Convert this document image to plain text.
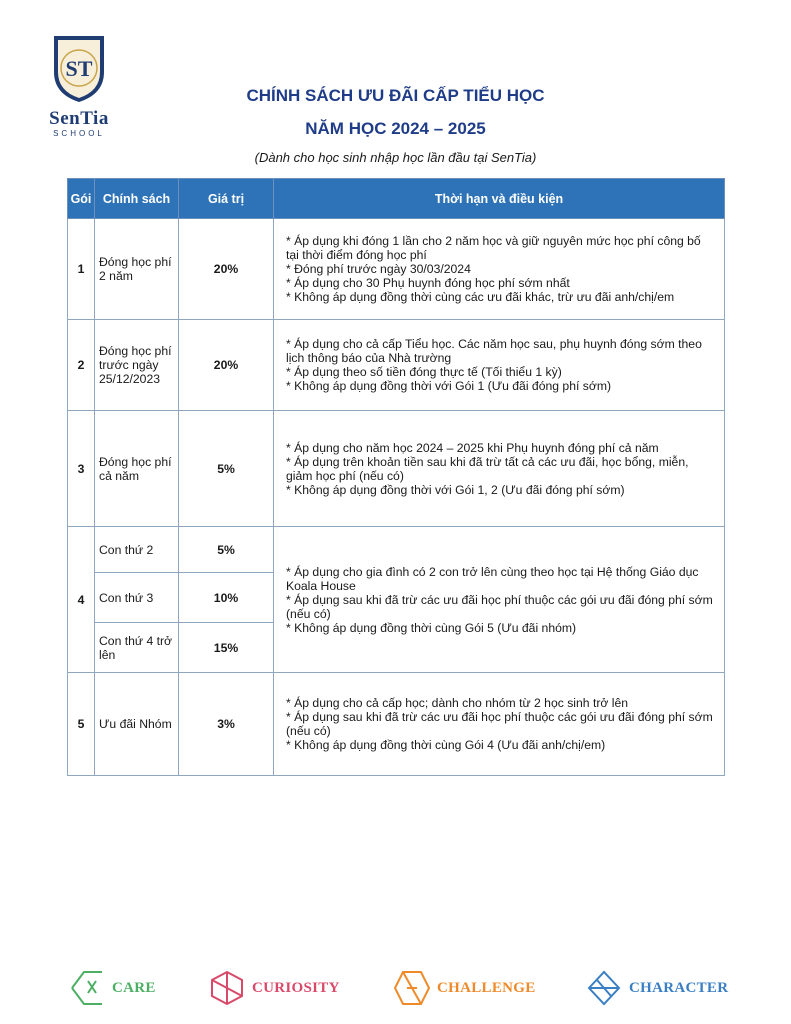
ST
SenTia
SCHOOL
CHÍNH SÁCH ƯU ĐÃI CẤP TIỂU HỌC
NĂM HỌC 2024 – 2025
(Dành cho học sinh nhập học lần đầu tại SenTia)
Gói	Chính sách	Giá trị	Thời hạn và điều kiện
1	Đóng học phí 2 năm	20%	* Áp dụng khi đóng 1 lần cho 2 năm học và giữ nguyên mức học phí công bố tại thời điểm đóng học phí
* Đóng phí trước ngày 30/03/2024
* Áp dụng cho 30 Phụ huynh đóng học phí sớm nhất
* Không áp dụng đồng thời cùng các ưu đãi khác, trừ ưu đãi anh/chị/em

2	Đóng học phí trước ngày 25/12/2023	20%	* Áp dụng cho cả cấp Tiểu học. Các năm học sau, phụ huynh đóng sớm theo lịch thông báo của Nhà trường
* Áp dụng theo số tiền đóng thực tế (Tối thiểu 1 kỳ)
* Không áp dụng đồng thời với Gói 1 (Ưu đãi đóng phí sớm)

3	Đóng học phí cả năm	5%	* Áp dụng cho năm học 2024 – 2025 khi Phụ huynh đóng phí cả năm
* Áp dụng trên khoản tiền sau khi đã trừ tất cả các ưu đãi, học bổng, miễn, giảm học phí (nếu có)
* Không áp dụng đồng thời với Gói 1, 2 (Ưu đãi đóng phí sớm)

4	Con thứ 2	5%	* Áp dụng cho gia đình có 2 con trở lên cùng theo học tại Hệ thống Giáo dục Koala House
* Áp dụng sau khi đã trừ các ưu đãi học phí thuộc các gói ưu đãi đóng phí sớm (nếu có)
* Không áp dụng đồng thời cùng Gói 5 (Ưu đãi nhóm)

	Con thứ 3	10%	
	Con thứ 4 trở lên	15%	
5	Ưu đãi Nhóm	3%	* Áp dụng cho cả cấp học; dành cho nhóm từ 2 học sinh trở lên
* Áp dụng sau khi đã trừ các ưu đãi học phí thuộc các gói ưu đãi đóng phí sớm (nếu có)
* Không áp dụng đồng thời cùng Gói 4 (Ưu đãi anh/chị/em)
CARE	CURIOSITY	CHALLENGE	CHARACTER
